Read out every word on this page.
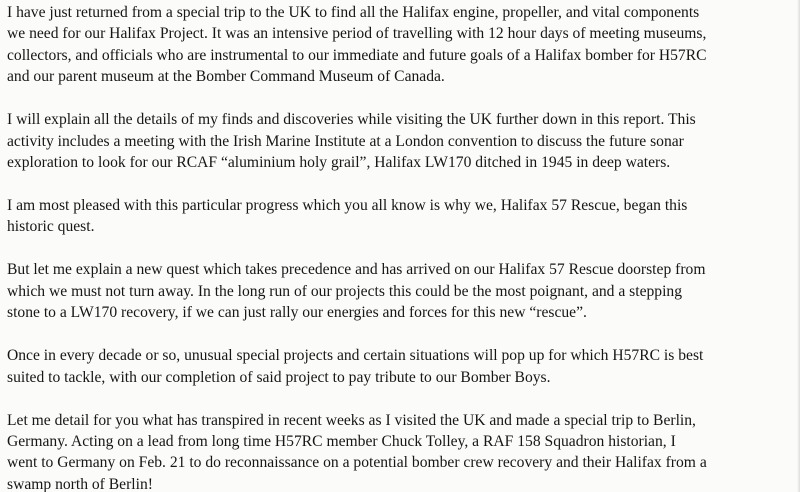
I have just returned from a special trip to the UK to find all the Halifax engine, propeller, and vital components
we need for our Halifax Project. It was an intensive period of travelling with 12 hour days of meeting museums,
collectors, and officials who are instrumental to our immediate and future goals of a Halifax bomber for H57RC
and our parent museum at the Bomber Command Museum of Canada.
I will explain all the details of my finds and discoveries while visiting the UK further down in this report. This
activity includes a meeting with the Irish Marine Institute at a London convention to discuss the future sonar
exploration to look for our RCAF “aluminium holy grail”, Halifax LW170 ditched in 1945 in deep waters.
I am most pleased with this particular progress which you all know is why we, Halifax 57 Rescue, began this
historic quest.
But let me explain a new quest which takes precedence and has arrived on our Halifax 57 Rescue doorstep from
which we must not turn away. In the long run of our projects this could be the most poignant, and a stepping
stone to a LW170 recovery, if we can just rally our energies and forces for this new “rescue”.
Once in every decade or so, unusual special projects and certain situations will pop up for which H57RC is best
suited to tackle, with our completion of said project to pay tribute to our Bomber Boys.
Let me detail for you what has transpired in recent weeks as I visited the UK and made a special trip to Berlin,
Germany. Acting on a lead from long time H57RC member Chuck Tolley, a RAF 158 Squadron historian, I
went to Germany on Feb. 21 to do reconnaissance on a potential bomber crew recovery and their Halifax from a
swamp north of Berlin!
